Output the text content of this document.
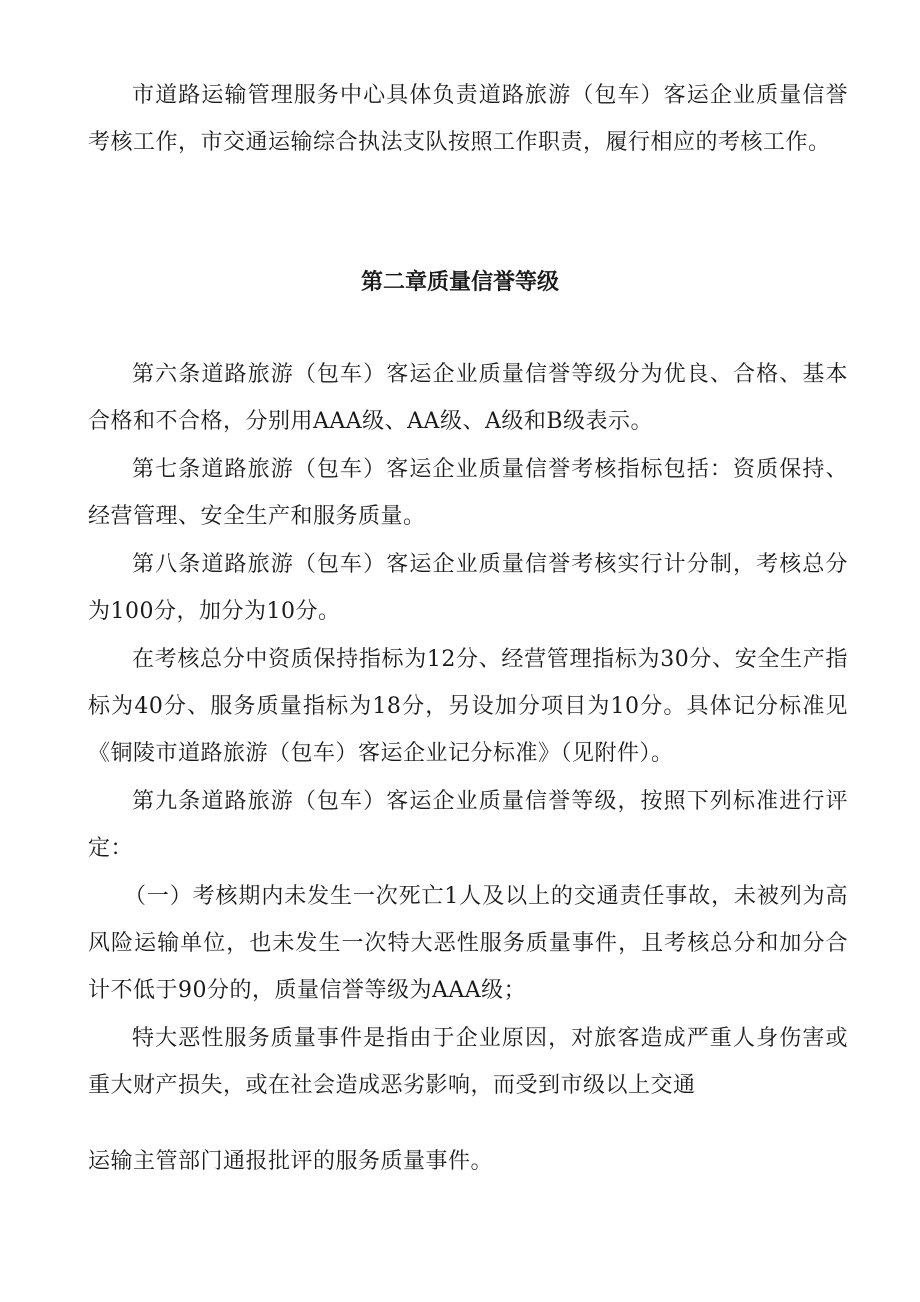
市道路运输管理服务中心具体负责道路旅游（包车）客运企业质量信誉考核工作，市交通运输综合执法支队按照工作职责，履行相应的考核工作。

第二章质量信誉等级

第六条道路旅游（包车）客运企业质量信誉等级分为优良、合格、基本合格和不合格，分别用AAA级、AA级、A级和B级表示。

第七条道路旅游（包车）客运企业质量信誉考核指标包括：资质保持、经营管理、安全生产和服务质量。

第八条道路旅游（包车）客运企业质量信誉考核实行计分制，考核总分为100分，加分为10分。

在考核总分中资质保持指标为12分、经营管理指标为30分、安全生产指标为40分、服务质量指标为18分，另设加分项目为10分。具体记分标准见《铜陵市道路旅游（包车）客运企业记分标准》（见附件）。

第九条道路旅游（包车）客运企业质量信誉等级，按照下列标准进行评定：

（一）考核期内未发生一次死亡1人及以上的交通责任事故，未被列为高风险运输单位，也未发生一次特大恶性服务质量事件，且考核总分和加分合计不低于90分的，质量信誉等级为AAA级；

特大恶性服务质量事件是指由于企业原因，对旅客造成严重人身伤害或重大财产损失，或在社会造成恶劣影响，而受到市级以上交通

运输主管部门通报批评的服务质量事件。
